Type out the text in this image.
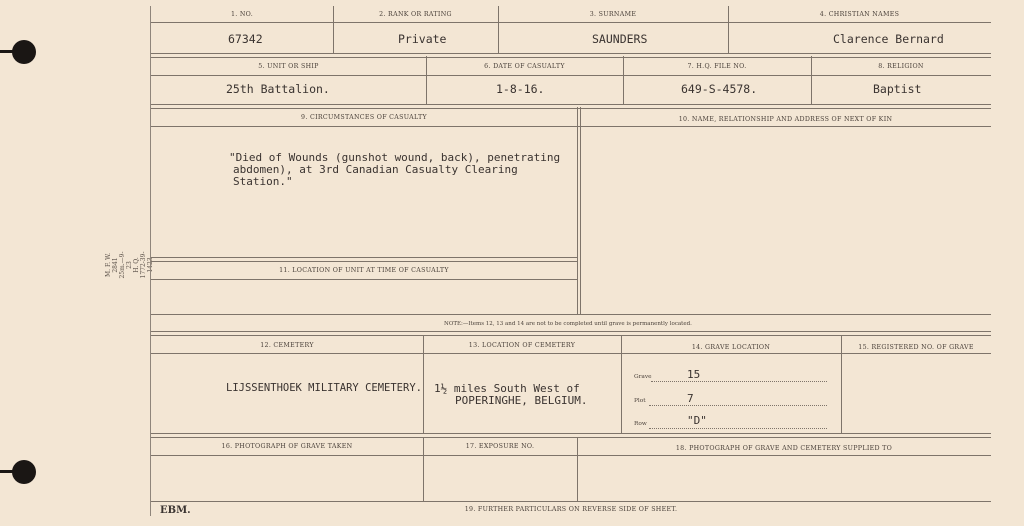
M. F. W. 2841 25m.—9-23 H. Q. 1772-39-1423
1. NO.	2. RANK OR RATING	3. SURNAME	4. CHRISTIAN NAMES
67342	Private	SAUNDERS	Clarence Bernard
5. UNIT OR SHIP	6. DATE OF CASUALTY	7. H.Q. FILE NO.	8. RELIGION
25th Battalion.	1-8-16.	649-S-4578.	Baptist
9. CIRCUMSTANCES OF CASUALTY	10. NAME, RELATIONSHIP AND ADDRESS OF NEXT OF KIN
"Died of Wounds (gunshot wound, back), penetrating
abdomen), at 3rd Canadian Casualty Clearing
Station."
11. LOCATION OF UNIT AT TIME OF CASUALTY
NOTE:—Items 12, 13 and 14 are not to be completed until grave is permanently located.
12. CEMETERY	13. LOCATION OF CEMETERY	14. GRAVE LOCATION	15. REGISTERED NO. OF GRAVE
LIJSSENTHOEK MILITARY CEMETERY. 1½ miles South West of
POPERINGHE, BELGIUM.
Grave	15
Plot	7
Row	"D"
16. PHOTOGRAPH OF GRAVE TAKEN	17. EXPOSURE NO.	18. PHOTOGRAPH OF GRAVE AND CEMETERY SUPPLIED TO
19. FURTHER PARTICULARS ON REVERSE SIDE OF SHEET.
EBM.
